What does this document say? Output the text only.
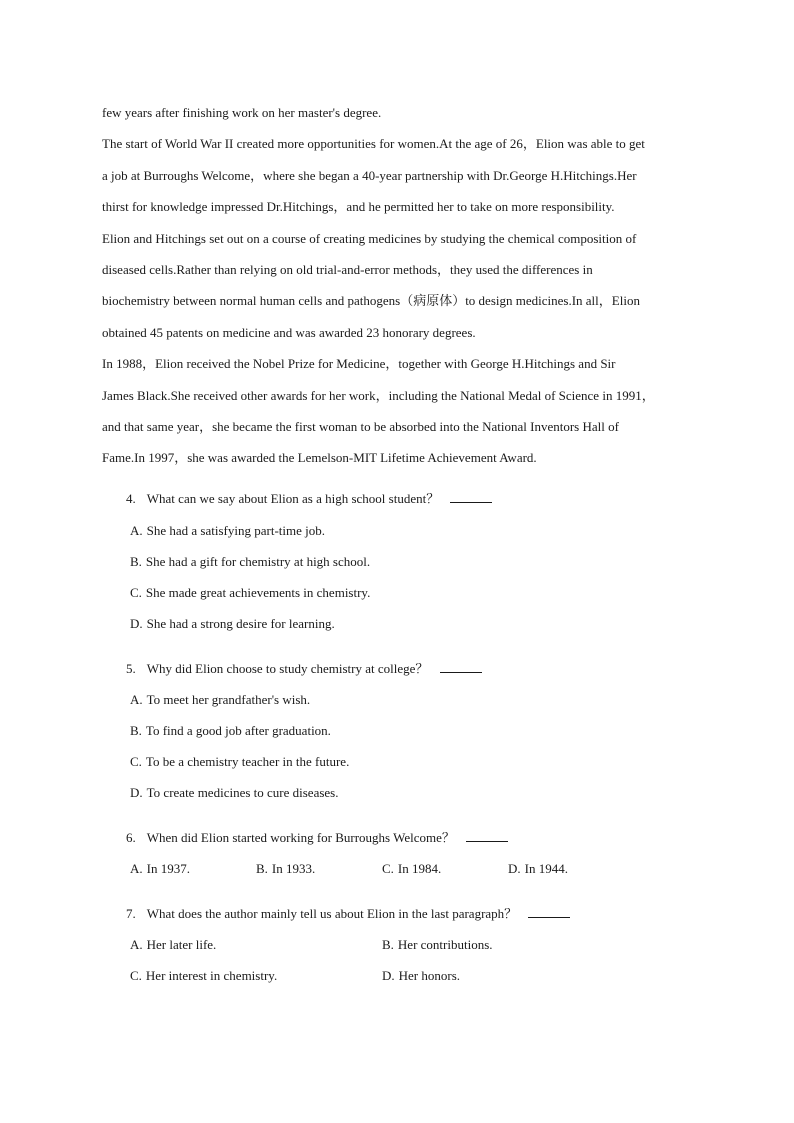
few years after finishing work on her master's degree.
The start of World War II created more opportunities for women.At the age of 26，Elion was able to get
a job at Burroughs Welcome，where she began a 40-year partnership with Dr.George H.Hitchings.Her
thirst for knowledge impressed Dr.Hitchings，and he permitted her to take on more responsibility.
Elion and Hitchings set out on a course of creating medicines by studying the chemical composition of
diseased cells.Rather than relying on old trial-and-error methods，they used the differences in
biochemistry between normal human cells and pathogens（病原体）to design medicines.In all，Elion
obtained 45 patents on medicine and was awarded 23 honorary degrees.
In 1988，Elion received the Nobel Prize for Medicine，together with George H.Hitchings and Sir
James Black.She received other awards for her work，including the National Medal of Science in 1991，
and that same year，she became the first woman to be absorbed into the National Inventors Hall of
Fame.In 1997，she was awarded the Lemelson-MIT Lifetime Achievement Award.
4. What can we say about Elion as a high school student？
A. She had a satisfying part-time job.
B. She had a gift for chemistry at high school.
C. She made great achievements in chemistry.
D. She had a strong desire for learning.
5. Why did Elion choose to study chemistry at college？
A. To meet her grandfather's wish.
B. To find a good job after graduation.
C. To be a chemistry teacher in the future.
D. To create medicines to cure diseases.
6. When did Elion started working for Burroughs Welcome？
A. In 1937.	B. In 1933.	C. In 1984.	D. In 1944.
7. What does the author mainly tell us about Elion in the last paragraph？
A. Her later life.	B. Her contributions.
C. Her interest in chemistry.	D. Her honors.
